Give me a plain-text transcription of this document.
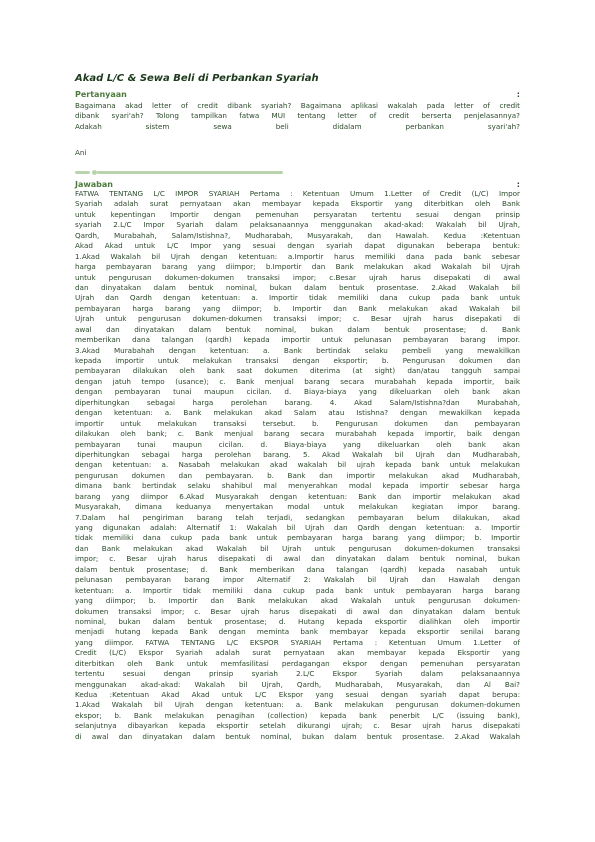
Akad L/C & Sewa Beli di Perbankan Syariah
Pertanyaan	:
Bagaimana akad letter of credit dibank syariah? Bagaimana aplikasi wakalah pada letter of credit
dibank syari'ah? Tolong tampilkan fatwa MUI tentang letter of credit berserta penjelasannya?
Adakah sistem sewa beli didalam perbankan syari'ah?
Ani
Jawaban	:
FATWA TENTANG L/C IMPOR SYARIAH Pertama : Ketentuan Umum 1.Letter of Credit (L/C) Impor
Syariah adalah surat pernyataan akan membayar kepada Eksportir yang diterbitkan oleh Bank
untuk kepentingan Importir dengan pemenuhan persyaratan tertentu sesuai dengan prinsip
syariah 2.L/C Impor Syariah dalam pelaksanaannya menggunakan akad-akad: Wakalah bil Ujrah,
Qardh, Murabahah, Salam/Istishna?, Mudharabah, Musyarakah, dan Hawalah. Kedua :Ketentuan
Akad Akad untuk L/C Impor yang sesuai dengan syariah dapat digunakan beberapa bentuk:
1.Akad Wakalah bil Ujrah dengan ketentuan: a.Importir harus memiliki dana pada bank sebesar
harga pembayaran barang yang diimpor; b.Importir dan Bank melakukan akad Wakalah bil Ujrah
untuk pengurusan dokumen-dokumen transaksi impor; c.Besar ujrah harus disepakati di awal
dan dinyatakan dalam bentuk nominal, bukan dalam bentuk prosentase. 2.Akad Wakalah bil
Ujrah dan Qardh dengan ketentuan: a. Importir tidak memiliki dana cukup pada bank untuk
pembayaran harga barang yang diimpor; b. Importir dan Bank melakukan akad Wakalah bil
Ujrah untuk pengurusan dokumen-dokumen transaksi impor; c. Besar ujrah harus disepakati di
awal dan dinyatakan dalam bentuk nominal, bukan dalam bentuk prosentase; d. Bank
memberikan dana talangan (qardh) kepada importir untuk pelunasan pembayaran barang impor.
3.Akad Murabahah dengan ketentuan: a. Bank bertindak selaku pembeli yang mewakilkan
kepada importir untuk melakukan transaksi dengan eksportir; b. Pengurusan dokumen dan
pembayaran dilakukan oleh bank saat dokumen diterima (at sight) dan/atau tangguh sampai
dengan jatuh tempo (usance); c. Bank menjual barang secara murabahah kepada importir, baik
dengan pembayaran tunai maupun cicilan. d. Biaya-biaya yang dikeluarkan oleh bank akan
diperhitungkan sebagai harga perolehan barang. 4. Akad Salam/Istishna?dan Murabahah,
dengan ketentuan: a. Bank melakukan akad Salam atau Istishna? dengan mewakilkan kepada
importir untuk melakukan transaksi tersebut. b. Pengurusan dokumen dan pembayaran
dilakukan oleh bank; c. Bank menjual barang secara murabahah kepada importir, baik dengan
pembayaran tunai maupun cicilan. d. Biaya-biaya yang dikeluarkan oleh bank akan
diperhitungkan sebagai harga perolehan barang. 5. Akad Wakalah bil Ujrah dan Mudharabah,
dengan ketentuan: a. Nasabah melakukan akad wakalah bil ujrah kepada bank untuk melakukan
pengurusan dokumen dan pembayaran. b. Bank dan importir melakukan akad Mudharabah,
dimana bank bertindak selaku shahibul mal menyerahkan modal kepada importir sebesar harga
barang yang diimpor 6.Akad Musyarakah dengan ketentuan: Bank dan importir melakukan akad
Musyarakah, dimana keduanya menyertakan modal untuk melakukan kegiatan impor barang.
7.Dalam hal pengiriman barang telah terjadi, sedangkan pembayaran belum dilakukan, akad
yang digunakan adalah: Alternatif 1: Wakalah bil Ujrah dan Qardh dengan ketentuan: a. Importir
tidak memiliki dana cukup pada bank untuk pembayaran harga barang yang diimpor; b. Importir
dan Bank melakukan akad Wakalah bil Ujrah untuk pengurusan dokumen-dokumen transaksi
impor; c. Besar ujrah harus disepakati di awal dan dinyatakan dalam bentuk nominal, bukan
dalam bentuk prosentase; d. Bank memberikan dana talangan (qardh) kepada nasabah untuk
pelunasan pembayaran barang impor Alternatif 2: Wakalah bil Ujrah dan Hawalah dengan
ketentuan: a. Importir tidak memiliki dana cukup pada bank untuk pembayaran harga barang
yang diimpor; b. Importir dan Bank melakukan akad Wakalah untuk pengurusan dokumen-
dokumen transaksi impor; c. Besar ujrah harus disepakati di awal dan dinyatakan dalam bentuk
nominal, bukan dalam bentuk prosentase; d. Hutang kepada eksportir dialihkan oleh importir
menjadi hutang kepada Bank dengan meminta bank membayar kepada eksportir senilai barang
yang diimpor. FATWA TENTANG L/C EKSPOR SYARIAH Pertama : Ketentuan Umum 1.Letter of
Credit (L/C) Ekspor Syariah adalah surat pernyataan akan membayar kepada Eksportir yang
diterbitkan oleh Bank untuk memfasilitasi perdagangan ekspor dengan pemenuhan persyaratan
tertentu sesuai dengan prinsip syariah 2.L/C Ekspor Syariah dalam pelaksanaannya
menggunakan akad-akad: Wakalah bil Ujrah, Qardh, Mudharabah, Musyarakah, dan Al Bai?
Kedua :Ketentuan Akad Akad untuk L/C Ekspor yang sesuai dengan syariah dapat berupa:
1.Akad Wakalah bil Ujrah dengan ketentuan: a. Bank melakukan pengurusan dokumen-dokumen
ekspor; b. Bank melakukan penagihan (collection) kepada bank penerbit L/C (issuing bank),
selanjutnya dibayarkan kepada eksportir setelah dikurangi ujrah; c. Besar ujrah harus disepakati
di awal dan dinyatakan dalam bentuk nominal, bukan dalam bentuk prosentase. 2.Akad Wakalah
